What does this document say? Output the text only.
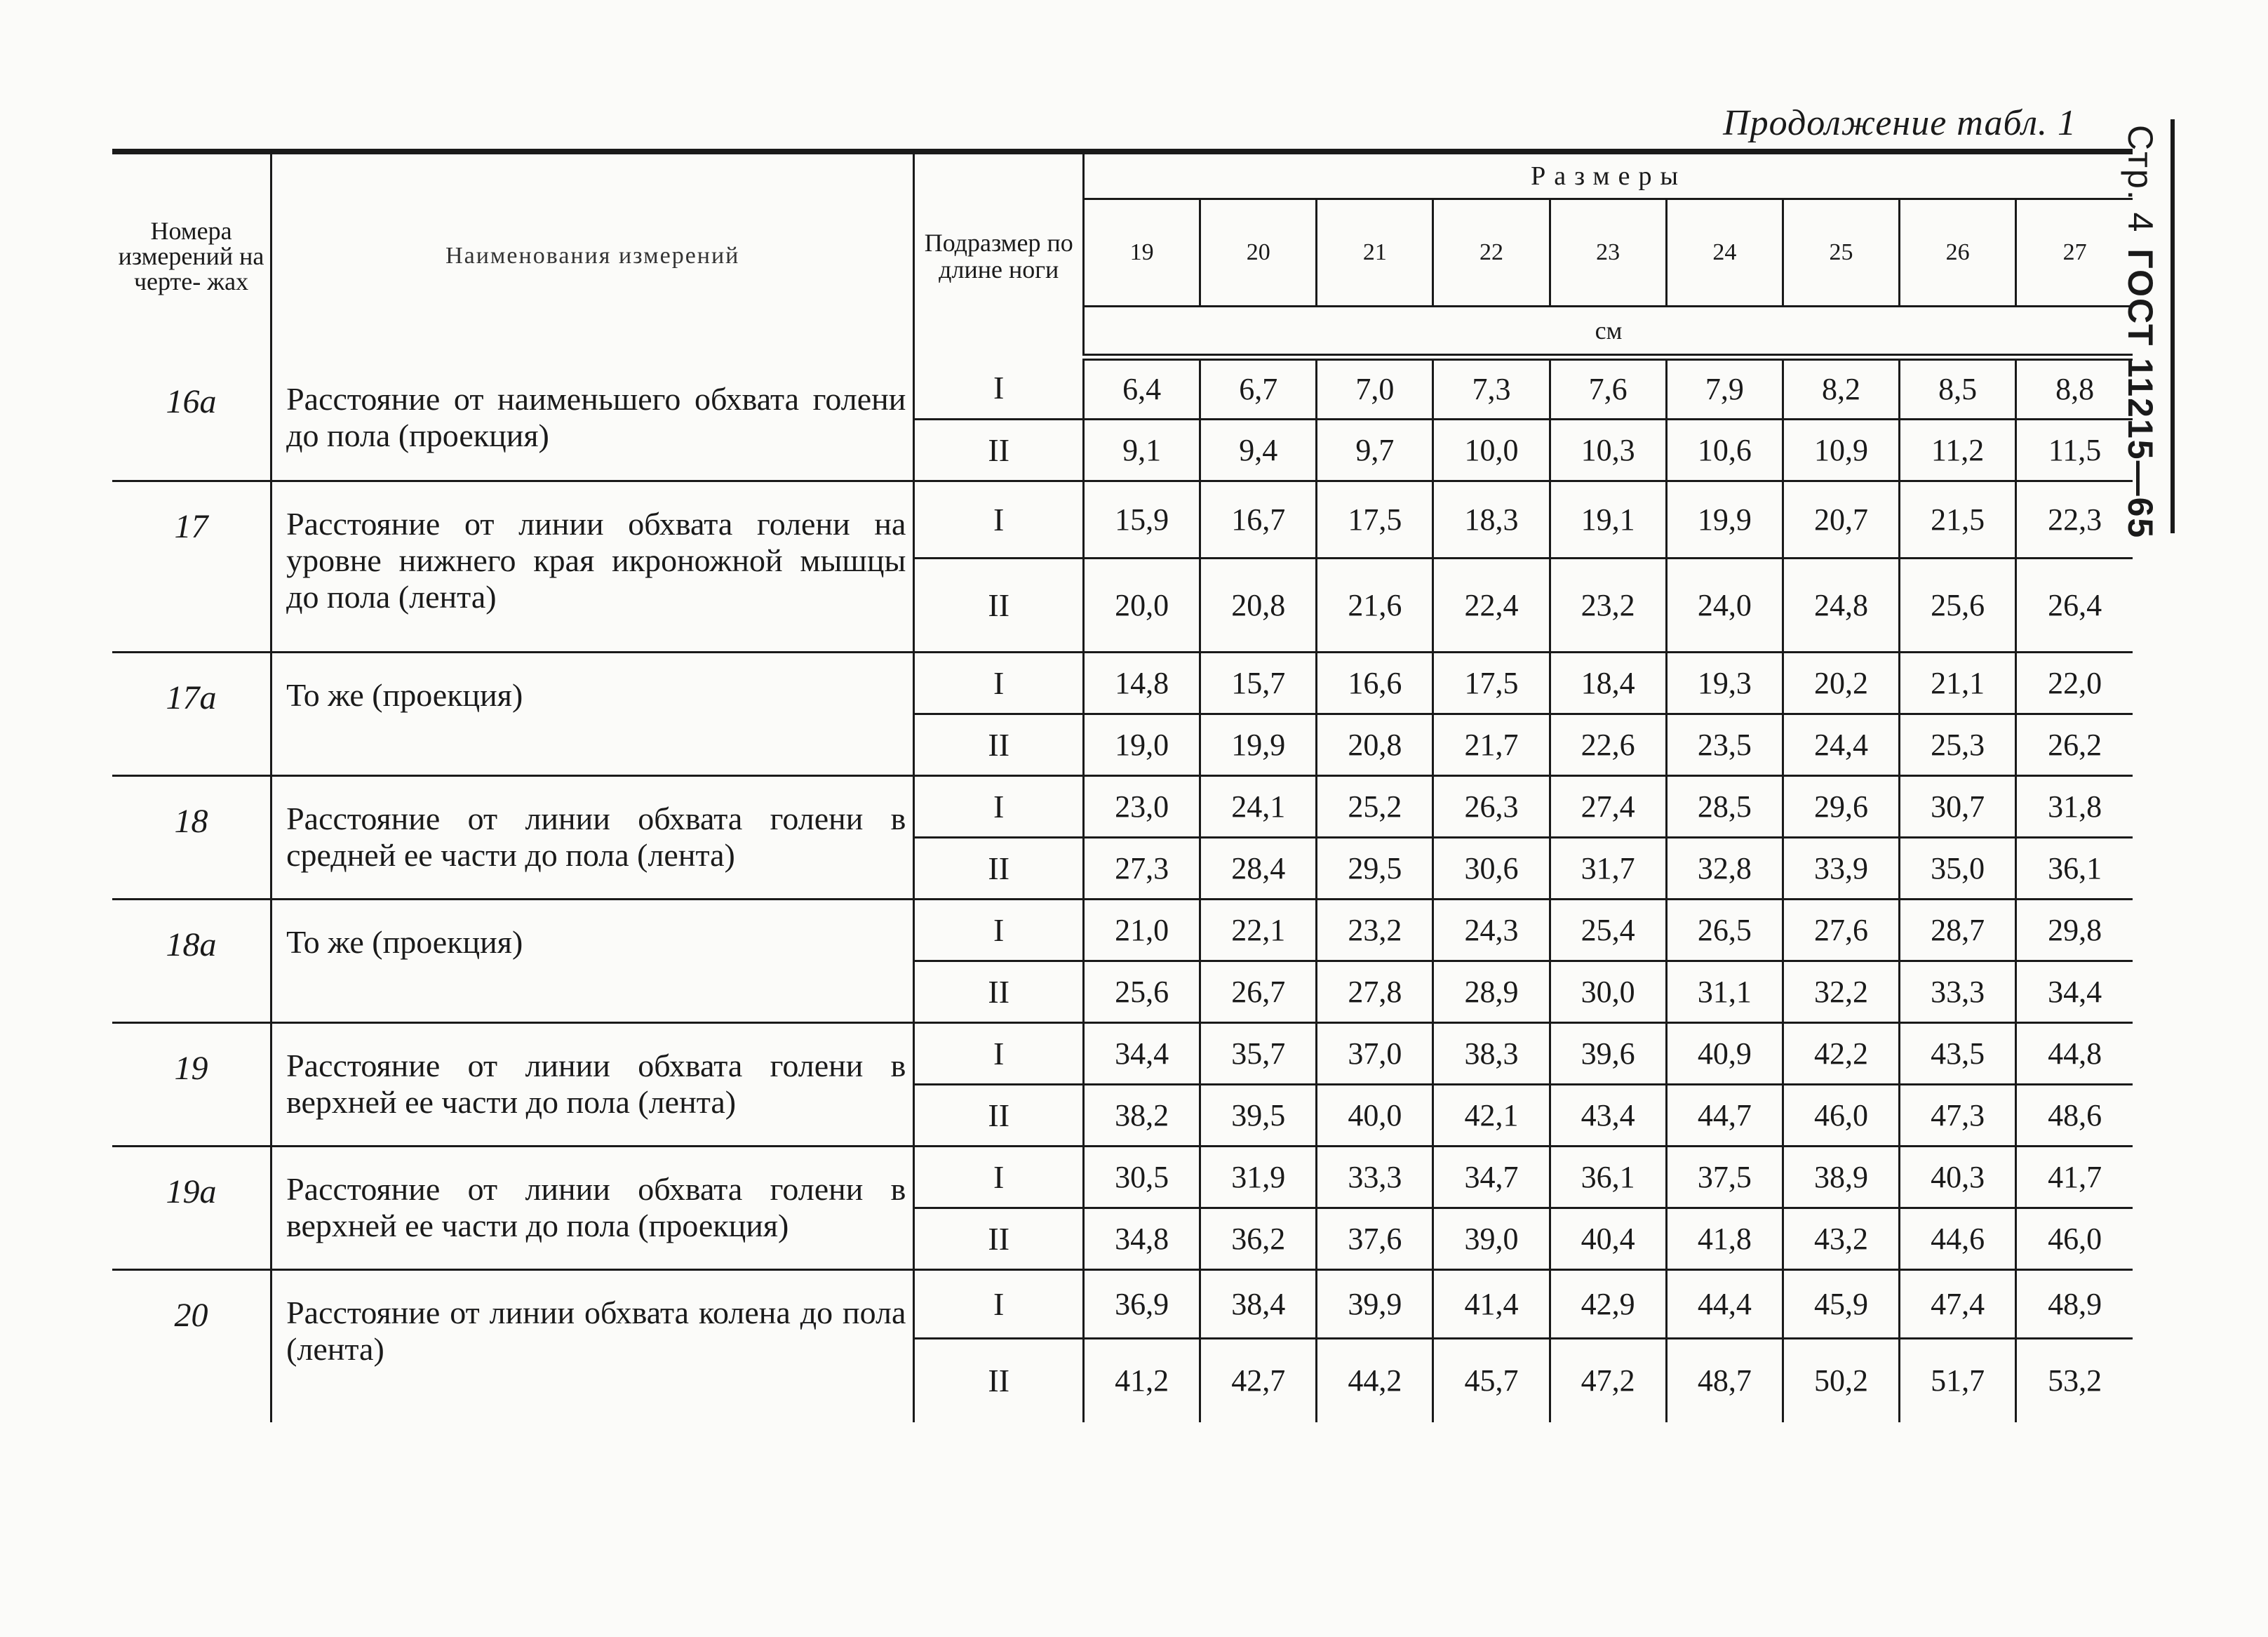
Продолжение табл. 1
Стр. 4ГОСТ 11215—65
Номера измерений на черте- жах	Наименования измерений	Подразмер по длине ноги	Размеры								
			19	20	21	22	23	24	25	26	27
			см								
16а	Расстояние от наименьшего обхвата голени до пола (проекция)	I	6,4	6,7	7,0	7,3	7,6	7,9	8,2	8,5	8,8
		II	9,1	9,4	9,7	10,0	10,3	10,6	10,9	11,2	11,5
17	Расстояние от линии обхвата голени на уровне нижнего края икроножной мышцы до пола (лента)	I	15,9	16,7	17,5	18,3	19,1	19,9	20,7	21,5	22,3
		II	20,0	20,8	21,6	22,4	23,2	24,0	24,8	25,6	26,4
17а	То же (проекция)	I	14,8	15,7	16,6	17,5	18,4	19,3	20,2	21,1	22,0
		II	19,0	19,9	20,8	21,7	22,6	23,5	24,4	25,3	26,2
18	Расстояние от линии обхвата голени в средней ее части до пола (лента)	I	23,0	24,1	25,2	26,3	27,4	28,5	29,6	30,7	31,8
		II	27,3	28,4	29,5	30,6	31,7	32,8	33,9	35,0	36,1
18а	То же (проекция)	I	21,0	22,1	23,2	24,3	25,4	26,5	27,6	28,7	29,8
		II	25,6	26,7	27,8	28,9	30,0	31,1	32,2	33,3	34,4
19	Расстояние от линии обхвата голени в верхней ее части до пола (лента)	I	34,4	35,7	37,0	38,3	39,6	40,9	42,2	43,5	44,8
		II	38,2	39,5	40,0	42,1	43,4	44,7	46,0	47,3	48,6
19а	Расстояние от линии обхвата голени в верхней ее части до пола (проекция)	I	30,5	31,9	33,3	34,7	36,1	37,5	38,9	40,3	41,7
		II	34,8	36,2	37,6	39,0	40,4	41,8	43,2	44,6	46,0
20	Расстояние от линии обхвата колена до пола (лента)	I	36,9	38,4	39,9	41,4	42,9	44,4	45,9	47,4	48,9
		II	41,2	42,7	44,2	45,7	47,2	48,7	50,2	51,7	53,2
